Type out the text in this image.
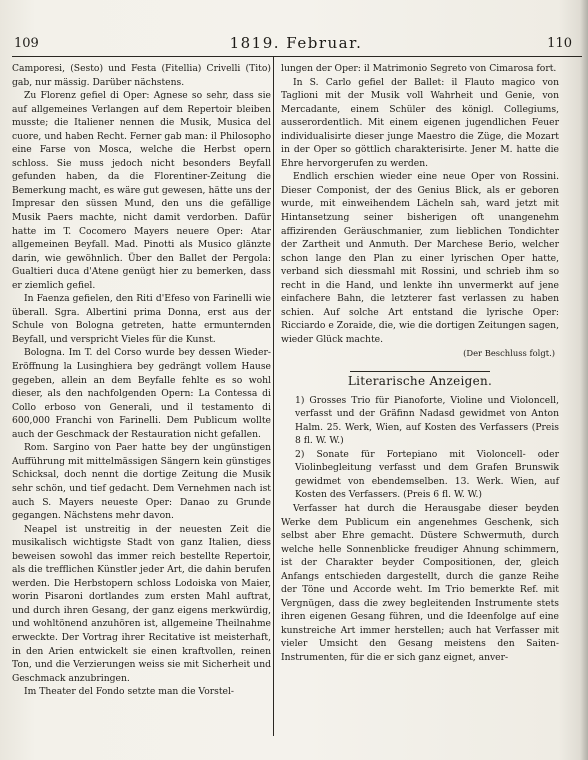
109	1819. Februar.	110

Camporesi, (Sesto) und Festa (Fitellia) Crivelli (Tito) gab, nur mässig. Darüber nächstens.

Zu Florenz gefiel di Oper: Agnese so sehr, dass sie auf allgemeines Verlangen auf dem Repertoir bleiben musste; die Italiener nennen die Musik, Musica del cuore, und haben Recht. Ferner gab man: il Philosopho eine Farse von Mosca, welche die Herbst opern schloss. Sie muss jedoch nicht besonders Beyfall gefunden haben, da die Florentiner-Zeitung die Bemerkung macht, es wäre gut gewesen, hätte uns der Impresar den süssen Mund, den uns die gefällige Musik Paers machte, nicht damit verdorben. Dafür hatte im T. Cocomero Mayers neuere Oper: Atar allgemeinen Beyfall. Mad. Pinotti als Musico glänzte darin, wie gewöhnlich. Über den Ballet der Pergola: Gualtieri duca d'Atene genügt hier zu bemerken, dass er ziemlich gefiel.

In Faenza gefielen, den Riti d'Efeso von Farinelli wie überall. Sgra. Albertini prima Donna, erst aus der Schule von Bologna getreten, hatte ermunternden Beyfall, und verspricht Vieles für die Kunst.

Bologna. Im T. del Corso wurde bey dessen Wieder-Eröffnung la Lusinghiera bey gedrängt vollem Hause gegeben, allein an dem Beyfalle fehlte es so wohl dieser, als den nachfolgenden Opern: La Contessa di Collo erboso von Generali, und il testamento di 600,000 Franchi von Farinelli. Dem Publicum wollte auch der Geschmack der Restauration nicht gefallen.

Rom. Sargino von Paer hatte bey der ungünstigen Aufführung mit mittelmässigen Sängern kein günstiges Schicksal, doch nennt die dortige Zeitung die Musik sehr schön, und tief gedacht. Dem Vernehmen nach ist auch S. Mayers neueste Oper: Danao zu Grunde gegangen. Nächstens mehr davon.

Neapel ist unstreitig in der neuesten Zeit die musikalisch wichtigste Stadt von ganz Italien, diess beweisen sowohl das immer reich bestellte Repertoir, als die trefflichen Künstler jeder Art, die dahin berufen werden. Die Herbstopern schloss Lodoiska von Maier, worin Pisaroni dortlandes zum ersten Mahl auftrat, und durch ihren Gesang, der ganz eigens merkwürdig, und wohltönend anzuhören ist, allgemeine Theilnahme erweckte. Der Vortrag ihrer Recitative ist meisterhaft, in den Arien entwickelt sie einen kraftvollen, reinen Ton, und die Verzierungen weiss sie mit Sicherheit und Geschmack anzubringen.

Im Theater del Fondo setzte man die Vorstel-

lungen der Oper: il Matrimonio Segreto von Cimarosa fort.

In S. Carlo gefiel der Ballet: il Flauto magico von Taglioni mit der Musik voll Wahrheit und Genie, von Mercadante, einem Schüler des königl. Collegiums, ausserordentlich. Mit einem eigenen jugendlichen Feuer individualisirte dieser junge Maestro die Züge, die Mozart in der Oper so göttlich charakterisirte. Jener M. hatte die Ehre hervorgerufen zu werden.

Endlich erschien wieder eine neue Oper von Rossini. Dieser Componist, der des Genius Blick, als er geboren wurde, mit einweihendem Lächeln sah, ward jetzt mit Hintansetzung seiner bisherigen oft unangenehm affizirenden Geräuschmanier, zum lieblichen Tondichter der Zartheit und Anmuth. Der Marchese Berio, welcher schon lange den Plan zu einer lyrischen Oper hatte, verband sich diessmahl mit Rossini, und schrieb ihm so recht in die Hand, und lenkte ihn unvermerkt auf jene einfachere Bahn, die letzterer fast verlassen zu haben schien. Auf solche Art entstand die lyrische Oper: Ricciardo e Zoraide, die, wie die dortigen Zeitungen sagen, wieder Glück machte.

(Der Beschluss folgt.)
Literarische Anzeigen.

1) Grosses Trio für Pianoforte, Violine und Violoncell, verfasst und der Gräfinn Nadasd gewidmet von Anton Halm. 25. Werk, Wien, auf Kosten des Verfassers (Preis 8 fl. W. W.)

2) Sonate für Fortepiano mit Violoncell- oder Violinbegleitung verfasst und dem Grafen Brunswik gewidmet von ebendemselben. 13. Werk. Wien, auf Kosten des Verfassers. (Preis 6 fl. W. W.)

Verfasser hat durch die Herausgabe dieser beyden Werke dem Publicum ein angenehmes Geschenk, sich selbst aber Ehre gemacht. Düstere Schwermuth, durch welche helle Sonnenblicke freudiger Ahnung schimmern, ist der Charakter beyder Compositionen, der, gleich Anfangs entschieden dargestellt, durch die ganze Reihe der Töne und Accorde weht. Im Trio bemerkte Ref. mit Vergnügen, dass die zwey begleitenden Instrumente stets ihren eigenen Gesang führen, und die Ideenfolge auf eine kunstreiche Art immer herstellen; auch hat Verfasser mit vieler Umsicht den Gesang meistens den Saiten-Instrumenten, für die er sich ganz eignet, anver-
